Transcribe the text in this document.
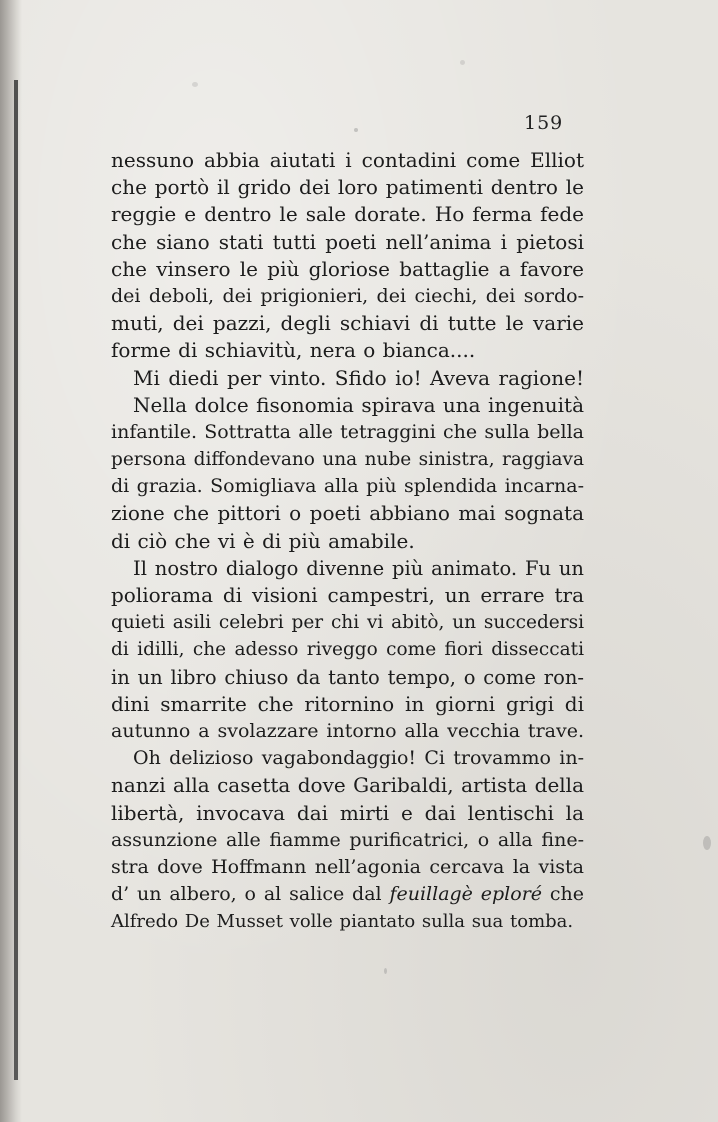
159
nessuno abbia aiutati i contadini come Elliot
che portò il grido dei loro patimenti dentro le
reggie e dentro le sale dorate. Ho ferma fede
che siano stati tutti poeti nell’anima i pietosi
che vinsero le più gloriose battaglie a favore
dei deboli, dei prigionieri, dei ciechi, dei sordo-
muti, dei pazzi, degli schiavi di tutte le varie
forme di schiavitù, nera o bianca....
Mi diedi per vinto. Sfido io! Aveva ragione!
Nella dolce fisonomia spirava una ingenuità
infantile. Sottratta alle tetraggini che sulla bella
persona diffondevano una nube sinistra, raggiava
di grazia. Somigliava alla più splendida incarna-
zione che pittori o poeti abbiano mai sognata
di ciò che vi è di più amabile.
Il nostro dialogo divenne più animato. Fu un
poliorama di visioni campestri, un errare tra
quieti asili celebri per chi vi abitò, un succedersi
di idilli, che adesso riveggo come fiori disseccati
in un libro chiuso da tanto tempo, o come ron-
dini smarrite che ritornino in giorni grigi di
autunno a svolazzare intorno alla vecchia trave.
Oh delizioso vagabondaggio! Ci trovammo in-
nanzi alla casetta dove Garibaldi, artista della
libertà, invocava dai mirti e dai lentischi la
assunzione alle fiamme purificatrici, o alla fine-
stra dove Hoffmann nell’agonia cercava la vista
d’ un albero, o al salice dal feuillagè eploré che
Alfredo De Musset volle piantato sulla sua tomba.
